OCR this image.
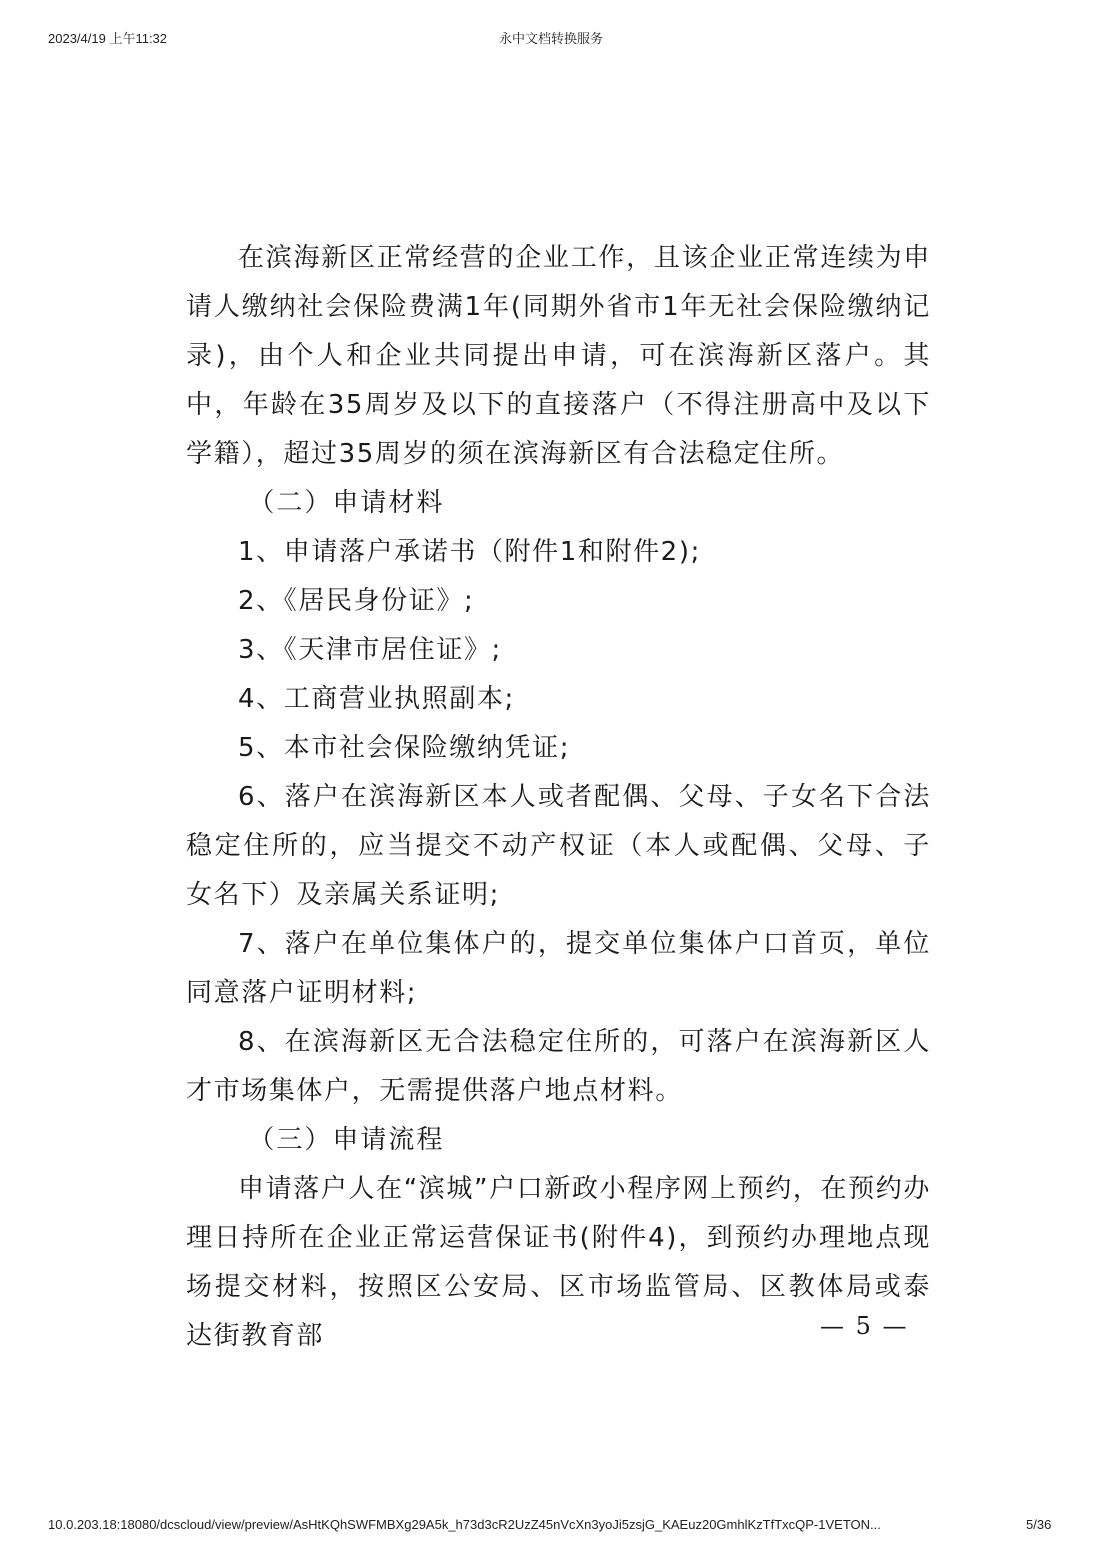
2023/4/19 上午11:32	永中文档转换服务

在滨海新区正常经营的企业工作，且该企业正常连续为申请人缴纳社会保险费满1年(同期外省市1年无社会保险缴纳记录)，由个人和企业共同提出申请，可在滨海新区落户。其中，年龄在35周岁及以下的直接落户（不得注册高中及以下学籍），超过35周岁的须在滨海新区有合法稳定住所。

（二）申请材料

1、申请落户承诺书（附件1和附件2);

2、《居民身份证》;

3、《天津市居住证》;

4、工商营业执照副本;

5、本市社会保险缴纳凭证;

6、落户在滨海新区本人或者配偶、父母、子女名下合法稳定住所的，应当提交不动产权证（本人或配偶、父母、子女名下）及亲属关系证明;

7、落户在单位集体户的，提交单位集体户口首页，单位同意落户证明材料;

8、在滨海新区无合法稳定住所的，可落户在滨海新区人才市场集体户，无需提供落户地点材料。

（三）申请流程

申请落户人在“滨城”户口新政小程序网上预约，在预约办理日持所在企业正常运营保证书(附件4)，到预约办理地点现场提交材料，按照区公安局、区市场监管局、区教体局或泰达街教育部	— 5 —
10.0.203.18:18080/dcscloud/view/preview/AsHtKQhSWFMBXg29A5k_h73d3cR2UzZ45nVcXn3yoJi5zsjG_KAEuz20GmhlKzTfTxcQP-1VETON...	5/36
